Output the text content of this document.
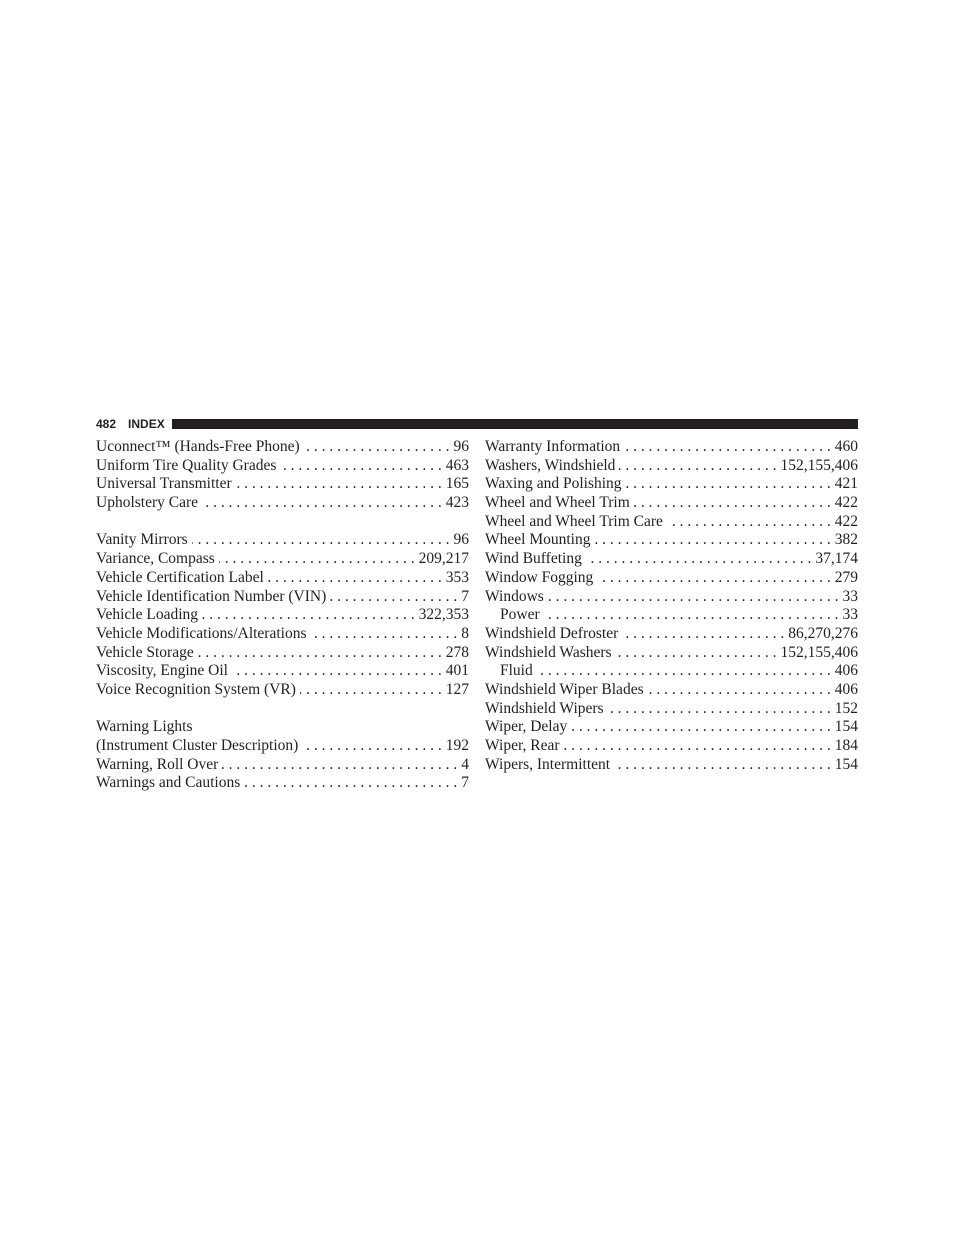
482 INDEX
Uconnect™ (Hands-Free Phone) . . .	96
Uniform Tire Quality Grades . . .	463
Universal Transmitter . . .	165
Upholstery Care . . .	423
Vanity Mirrors . . .	96
Variance, Compass . . .	209,217
Vehicle Certification Label . . .	353
Vehicle Identification Number (VIN) . . .	7
Vehicle Loading . . .	322,353
Vehicle Modifications/Alterations . . .	8
Vehicle Storage . . .	278
Viscosity, Engine Oil . . .	401
Voice Recognition System (VR) . . .	127
Warning Lights
(Instrument Cluster Description) . . .	192
Warning, Roll Over . . .	4
Warnings and Cautions . . .	7
Warranty Information . . .	460
Washers, Windshield . . .	152,155,406
Waxing and Polishing . . .	421
Wheel and Wheel Trim . . .	422
Wheel and Wheel Trim Care . . .	422
Wheel Mounting . . .	382
Wind Buffeting . . .	37,174
Window Fogging . . .	279
Windows . . .	33
Power . . .	33
Windshield Defroster . . .	86,270,276
Windshield Washers . . .	152,155,406
Fluid . . .	406
Windshield Wiper Blades . . .	406
Windshield Wipers . . .	152
Wiper, Delay . . .	154
Wiper, Rear . . .	184
Wipers, Intermittent . . .	154
